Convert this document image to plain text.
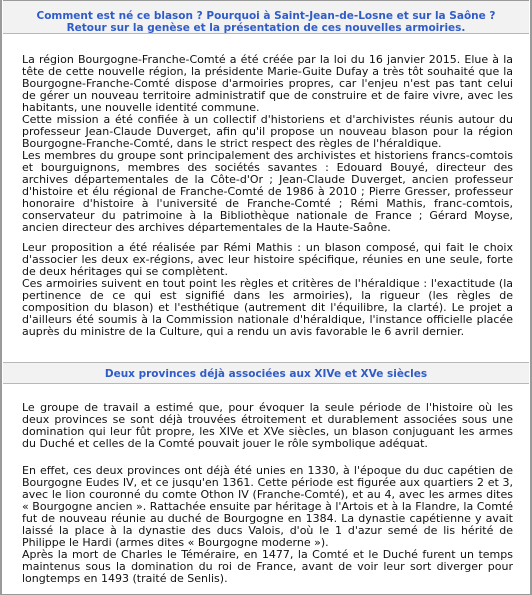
Comment est né ce blason ? Pourquoi à Saint-Jean-de-Losne et sur la Saône ?
Retour sur la genèse et la présentation de ces nouvelles armoiries.

La région Bourgogne-Franche-Comté a été créée par la loi du 16 janvier 2015. Elue à la tête de cette nouvelle région, la présidente Marie-Guite Dufay a très tôt souhaité que la Bourgogne-Franche-Comté dispose d'armoiries propres, car l'enjeu n'est pas tant celui de gérer un nouveau territoire administratif que de construire et de faire vivre, avec les habitants, une nouvelle identité commune.

Cette mission a été confiée à un collectif d'historiens et d'archivistes réunis autour du professeur Jean-Claude Duverget, afin qu'il propose un nouveau blason pour la région Bourgogne-Franche-Comté, dans le strict respect des règles de l'héraldique.

Les membres du groupe sont principalement des archivistes et historiens francs-comtois et bourguignons, membres des sociétés savantes : Edouard Bouyé, directeur des archives départementales de la Côte-d'Or ; Jean-Claude Duverget, ancien professeur d'histoire et élu régional de Franche-Comté de 1986 à 2010 ; Pierre Gresser, professeur honoraire d'histoire à l'université de Franche-Comté ; Rémi Mathis, franc-comtois, conservateur du patrimoine à la Bibliothèque nationale de France ; Gérard Moyse, ancien directeur des archives départementales de la Haute-Saône.

Leur proposition a été réalisée par Rémi Mathis : un blason composé, qui fait le choix d'associer les deux ex-régions, avec leur histoire spécifique, réunies en une seule, forte de deux héritages qui se complètent.

Ces armoiries suivent en tout point les règles et critères de l'héraldique : l'exactitude (la pertinence de ce qui est signifié dans les armoiries), la rigueur (les règles de composition du blason) et l'esthétique (autrement dit l'équilibre, la clarté). Le projet a d'ailleurs été soumis à la Commission nationale d'héraldique, l'instance officielle placée auprès du ministre de la Culture, qui a rendu un avis favorable le 6 avril dernier.

Deux provinces déjà associées aux XIVe et XVe siècles

Le groupe de travail a estimé que, pour évoquer la seule période de l'histoire où les deux provinces se sont déjà trouvées étroitement et durablement associées sous une domination qui leur fût propre, les XIVe et XVe siècles, un blason conjuguant les armes du Duché et celles de la Comté pouvait jouer le rôle symbolique adéquat.

En effet, ces deux provinces ont déjà été unies en 1330, à l'époque du duc capétien de Bourgogne Eudes IV, et ce jusqu'en 1361. Cette période est figurée aux quartiers 2 et 3, avec le lion couronné du comte Othon IV (Franche-Comté), et au 4, avec les armes dites « Bourgogne ancien ». Rattachée ensuite par héritage à l'Artois et à la Flandre, la Comté fut de nouveau réunie au duché de Bourgogne en 1384. La dynastie capétienne y avait laissé la place à la dynastie des ducs Valois, d'où le 1 d'azur semé de lis hérité de Philippe le Hardi (armes dites « Bourgogne moderne »).

Après la mort de Charles le Téméraire, en 1477, la Comté et le Duché furent un temps maintenus sous la domination du roi de France, avant de voir leur sort diverger pour longtemps en 1493 (traité de Senlis).
